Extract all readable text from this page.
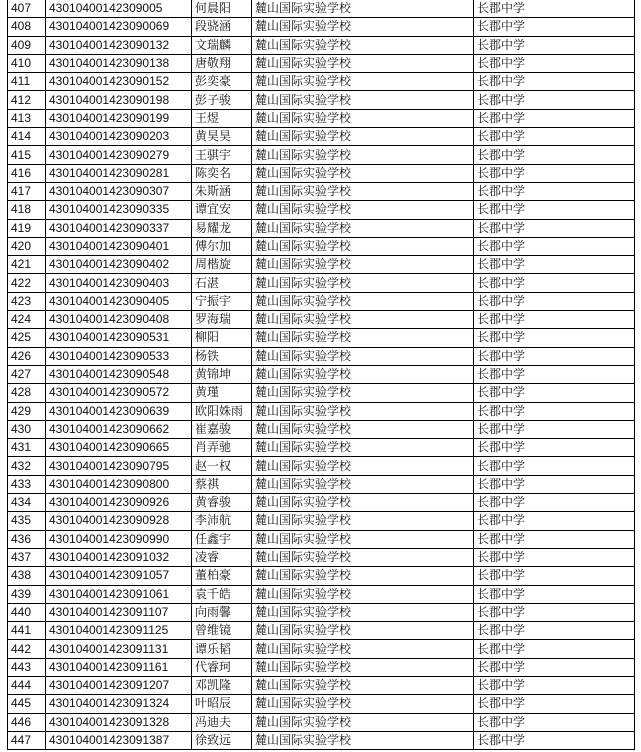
407	43010400142309005	何晨阳	麓山国际实验学校	长郡中学
408	430104001423090069	段骁涵	麓山国际实验学校	长郡中学
409	430104001423090132	文瑞麟	麓山国际实验学校	长郡中学
410	430104001423090138	唐敬翔	麓山国际实验学校	长郡中学
411	430104001423090152	彭奕豪	麓山国际实验学校	长郡中学
412	430104001423090198	彭子骏	麓山国际实验学校	长郡中学
413	430104001423090199	王煜	麓山国际实验学校	长郡中学
414	430104001423090203	黄昊昊	麓山国际实验学校	长郡中学
415	430104001423090279	王骐宇	麓山国际实验学校	长郡中学
416	430104001423090281	陈奕名	麓山国际实验学校	长郡中学
417	430104001423090307	朱斯涵	麓山国际实验学校	长郡中学
418	430104001423090335	谭宜安	麓山国际实验学校	长郡中学
419	430104001423090337	易耀龙	麓山国际实验学校	长郡中学
420	430104001423090401	傅尔加	麓山国际实验学校	长郡中学
421	430104001423090402	周楷旋	麓山国际实验学校	长郡中学
422	430104001423090403	石湛	麓山国际实验学校	长郡中学
423	430104001423090405	宁振宇	麓山国际实验学校	长郡中学
424	430104001423090408	罗海瑞	麓山国际实验学校	长郡中学
425	430104001423090531	柳阳	麓山国际实验学校	长郡中学
426	430104001423090533	杨铁	麓山国际实验学校	长郡中学
427	430104001423090548	黄锦坤	麓山国际实验学校	长郡中学
428	430104001423090572	黄瑾	麓山国际实验学校	长郡中学
429	430104001423090639	欧阳姝雨	麓山国际实验学校	长郡中学
430	430104001423090662	崔嘉骏	麓山国际实验学校	长郡中学
431	430104001423090665	肖弄驰	麓山国际实验学校	长郡中学
432	430104001423090795	赵一权	麓山国际实验学校	长郡中学
433	430104001423090800	蔡祺	麓山国际实验学校	长郡中学
434	430104001423090926	黄睿骏	麓山国际实验学校	长郡中学
435	430104001423090928	李沛航	麓山国际实验学校	长郡中学
436	430104001423090990	任鑫宇	麓山国际实验学校	长郡中学
437	430104001423091032	凌睿	麓山国际实验学校	长郡中学
438	430104001423091057	董柏豪	麓山国际实验学校	长郡中学
439	430104001423091061	袁千皓	麓山国际实验学校	长郡中学
440	430104001423091107	向雨馨	麓山国际实验学校	长郡中学
441	430104001423091125	曾维镜	麓山国际实验学校	长郡中学
442	430104001423091131	谭乐韬	麓山国际实验学校	长郡中学
443	430104001423091161	代睿珂	麓山国际实验学校	长郡中学
444	430104001423091207	邓凯隆	麓山国际实验学校	长郡中学
445	430104001423091324	叶昭辰	麓山国际实验学校	长郡中学
446	430104001423091328	冯迪夫	麓山国际实验学校	长郡中学
447	430104001423091387	徐致远	麓山国际实验学校	长郡中学
